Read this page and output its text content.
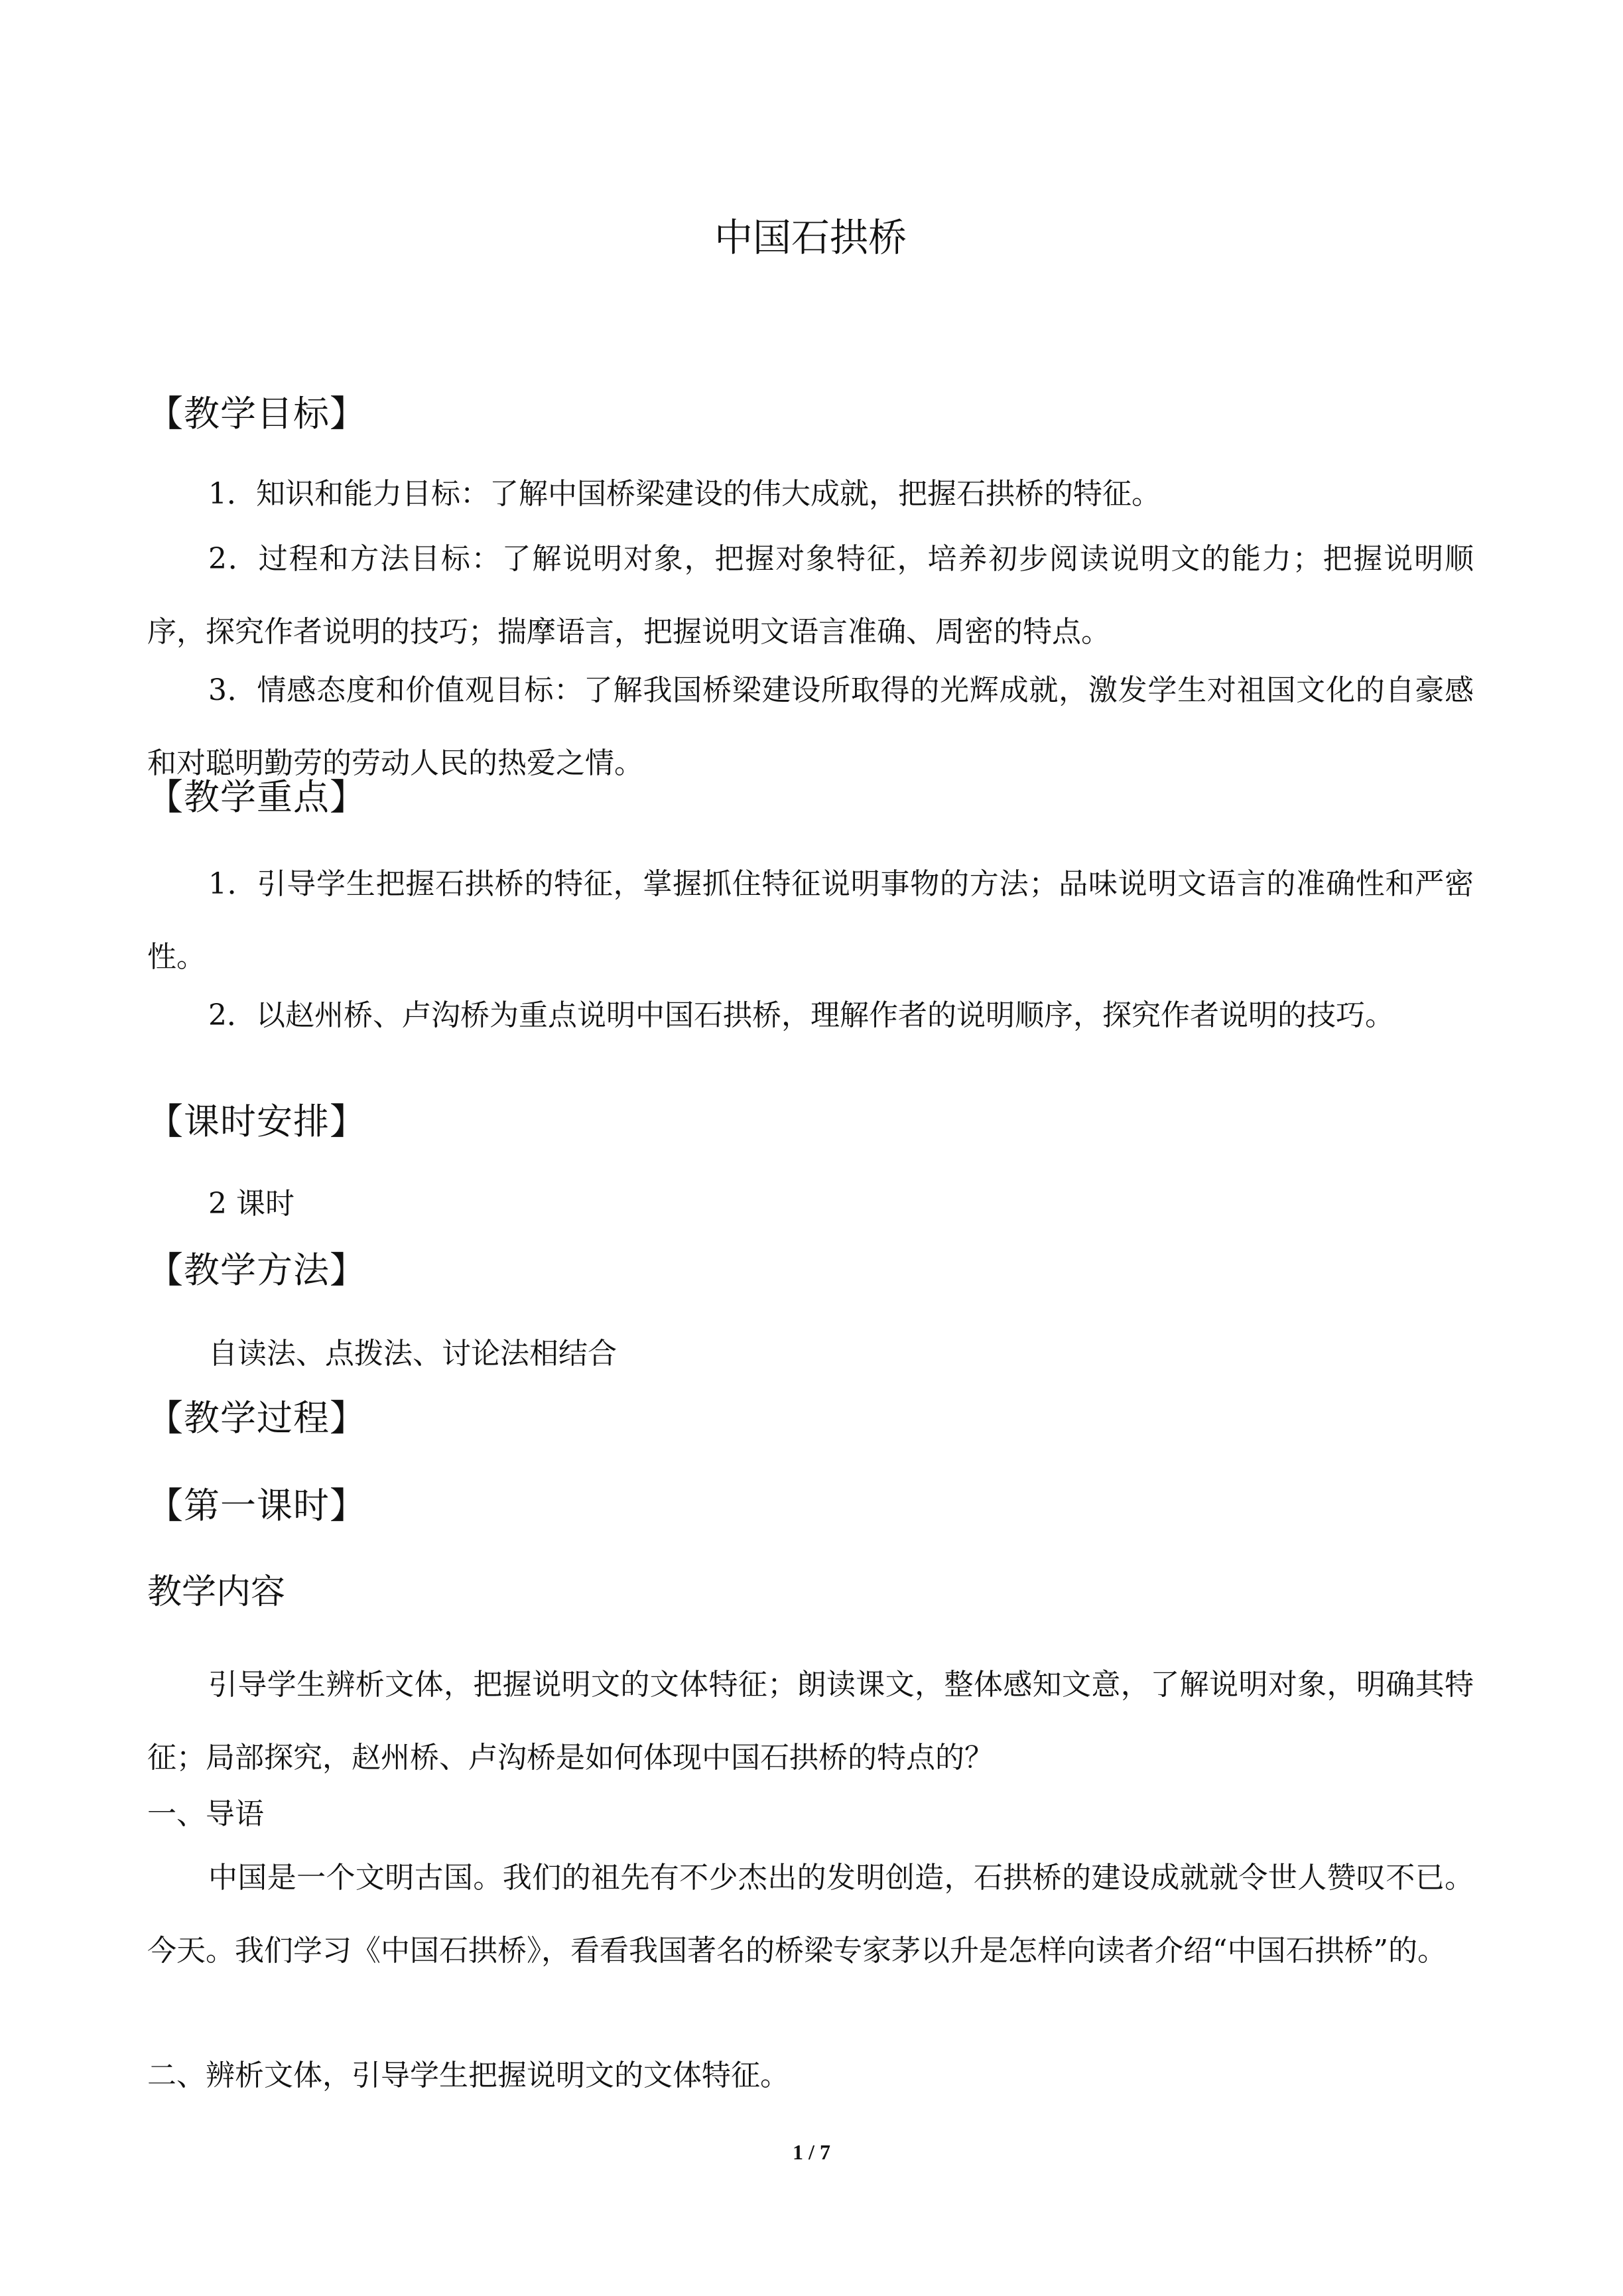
中国石拱桥
【教学目标】

1．知识和能力目标：了解中国桥梁建设的伟大成就，把握石拱桥的特征。

2．过程和方法目标：了解说明对象，把握对象特征，培养初步阅读说明文的能力；把握说明顺序，探究作者说明的技巧；揣摩语言，把握说明文语言准确、周密的特点。

3．情感态度和价值观目标：了解我国桥梁建设所取得的光辉成就，激发学生对祖国文化的自豪感和对聪明勤劳的劳动人民的热爱之情。

【教学重点】

1．引导学生把握石拱桥的特征，掌握抓住特征说明事物的方法；品味说明文语言的准确性和严密性。

2．以赵州桥、卢沟桥为重点说明中国石拱桥，理解作者的说明顺序，探究作者说明的技巧。

【课时安排】

2 课时

【教学方法】

自读法、点拨法、讨论法相结合

【教学过程】
【第一课时】
教学内容

引导学生辨析文体，把握说明文的文体特征；朗读课文，整体感知文意，了解说明对象，明确其特征；局部探究，赵州桥、卢沟桥是如何体现中国石拱桥的特点的？

一、导语

中国是一个文明古国。我们的祖先有不少杰出的发明创造，石拱桥的建设成就就令世人赞叹不已。今天。我们学习《中国石拱桥》，看看我国著名的桥梁专家茅以升是怎样向读者介绍“中国石拱桥”的。

二、辨析文体，引导学生把握说明文的文体特征。

1 / 7
